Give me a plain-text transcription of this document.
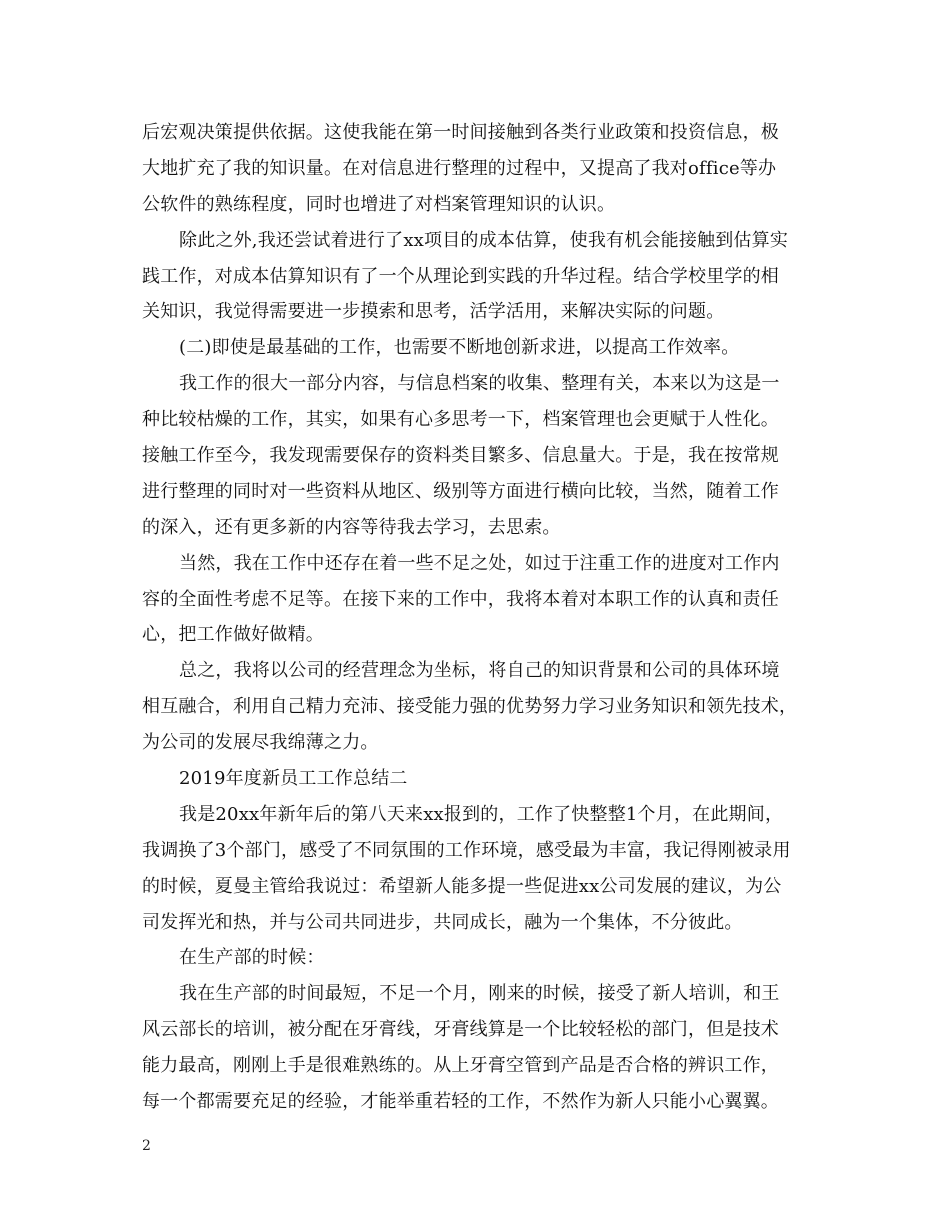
后宏观决策提供依据。这使我能在第一时间接触到各类行业政策和投资信息，极
大地扩充了我的知识量。在对信息进行整理的过程中，又提高了我对office等办
公软件的熟练程度，同时也增进了对档案管理知识的认识。
除此之外,我还尝试着进行了xx项目的成本估算，使我有机会能接触到估算实
践工作，对成本估算知识有了一个从理论到实践的升华过程。结合学校里学的相
关知识，我觉得需要进一步摸索和思考，活学活用，来解决实际的问题。
(二)即使是最基础的工作，也需要不断地创新求进，以提高工作效率。
我工作的很大一部分内容，与信息档案的收集、整理有关，本来以为这是一
种比较枯燥的工作，其实，如果有心多思考一下，档案管理也会更赋于人性化。
接触工作至今，我发现需要保存的资料类目繁多、信息量大。于是，我在按常规
进行整理的同时对一些资料从地区、级别等方面进行横向比较，当然，随着工作
的深入，还有更多新的内容等待我去学习，去思索。
当然，我在工作中还存在着一些不足之处，如过于注重工作的进度对工作内
容的全面性考虑不足等。在接下来的工作中，我将本着对本职工作的认真和责任
心，把工作做好做精。
总之，我将以公司的经营理念为坐标，将自己的知识背景和公司的具体环境
相互融合，利用自己精力充沛、接受能力强的优势努力学习业务知识和领先技术，
为公司的发展尽我绵薄之力。
2019年度新员工工作总结二
我是20xx年新年后的第八天来xx报到的，工作了快整整1个月，在此期间，
我调换了3个部门，感受了不同氛围的工作环境，感受最为丰富，我记得刚被录用
的时候，夏曼主管给我说过：希望新人能多提一些促进xx公司发展的建议，为公
司发挥光和热，并与公司共同进步，共同成长，融为一个集体，不分彼此。
在生产部的时候：
我在生产部的时间最短，不足一个月，刚来的时候，接受了新人培训，和王
风云部长的培训，被分配在牙膏线，牙膏线算是一个比较轻松的部门，但是技术
能力最高，刚刚上手是很难熟练的。从上牙膏空管到产品是否合格的辨识工作，
每一个都需要充足的经验，才能举重若轻的工作，不然作为新人只能小心翼翼。
2
